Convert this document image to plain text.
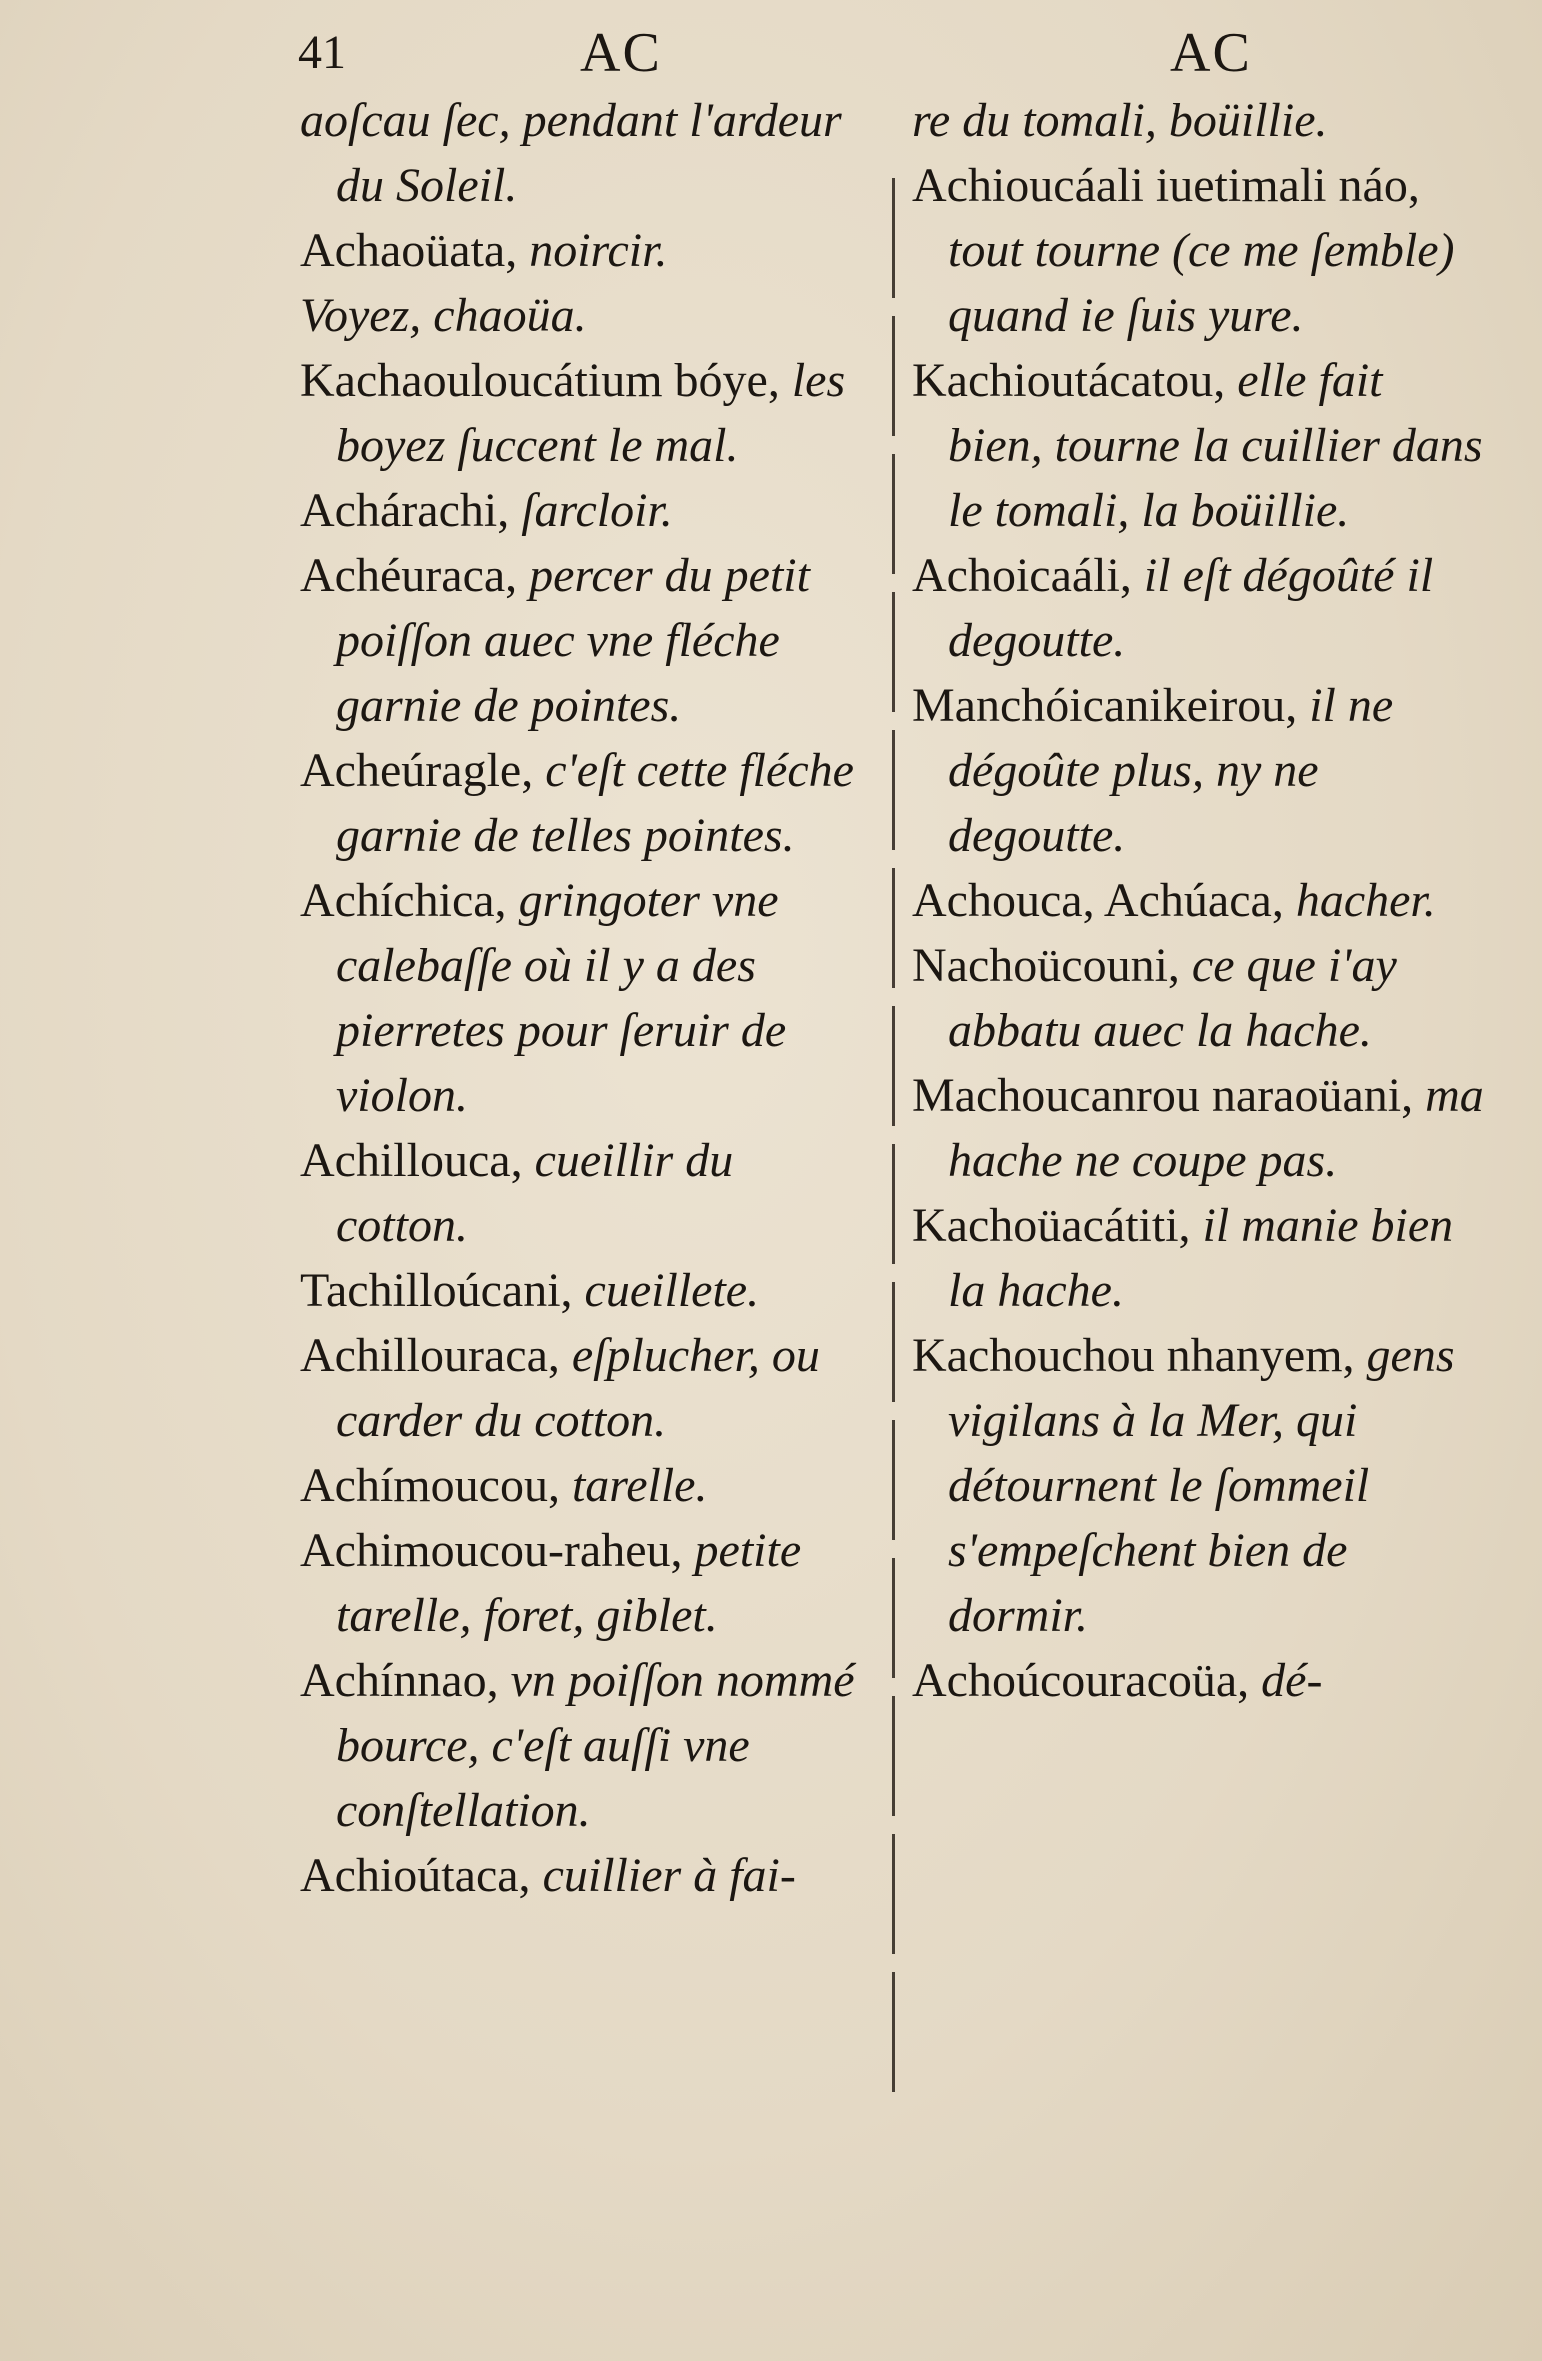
41	AC	AC
aoſcau ſec, pendant l'ardeur du Soleil.
Achaoüata, noircir.
Voyez, chaoüa.
Kachaouloucátium bóye, les boyez ſuccent le mal.
Achárachi, ſarcloir.
Achéuraca, percer du petit poiſſon auec vne fléche garnie de pointes.
Acheúragle, c'eſt cette fléche garnie de telles pointes.
Achíchica, gringoter vne calebaſſe où il y a des pierretes pour ſeruir de violon.
Achillouca, cueillir du cotton.
Tachilloúcani, cueillete.
Achillouraca, eſplucher, ou carder du cotton.
Achímoucou, tarelle.
Achimoucou-raheu, petite tarelle, foret, giblet.
Achínnao, vn poiſſon nommé bource, c'eſt auſſi vne conſtellation.
Achioútaca, cuillier à fai-
re du tomali, boüillie.
Achioucáali iuetimali náo, tout tourne (ce me ſemble) quand ie ſuis yure.
Kachioutácatou, elle fait bien, tourne la cuillier dans le tomali, la boüillie.
Achoicaáli, il eſt dégoûté il degoutte.
Manchóicanikeirou, il ne dégoûte plus, ny ne degoutte.
Achouca, Achúaca, hacher.
Nachoücouni, ce que i'ay abbatu auec la hache.
Machoucanrou naraoüani, ma hache ne coupe pas.
Kachoüacátiti, il manie bien la hache.
Kachouchou nhanyem, gens vigilans à la Mer, qui détournent le ſommeil s'empeſchent bien de dormir.
Achoúcouracoüa, dé-
